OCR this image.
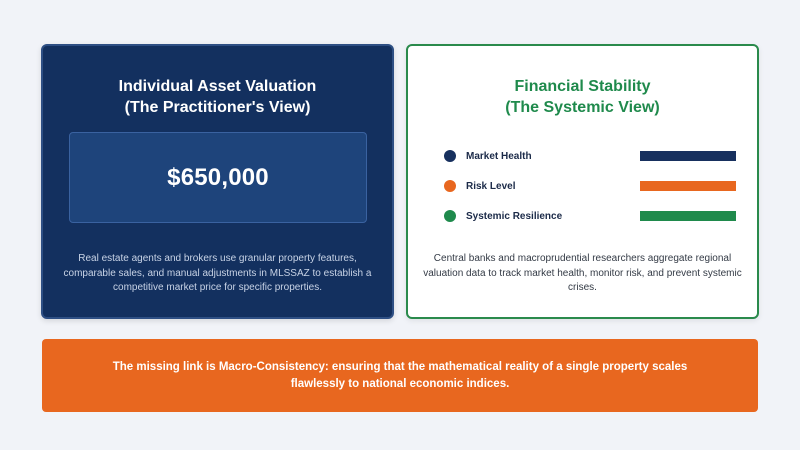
Individual Asset Valuation
(The Practitioner's View)
$650,000
Real estate agents and brokers use granular property features, comparable sales, and manual adjustments in MLSSAZ to establish a competitive market price for specific properties.
Financial Stability
(The Systemic View)
Market Health
Risk Level
Systemic Resilience
Central banks and macroprudential researchers aggregate regional valuation data to track market health, monitor risk, and prevent systemic crises.
The missing link is Macro-Consistency: ensuring that the mathematical reality of a single property scales flawlessly to national economic indices.
